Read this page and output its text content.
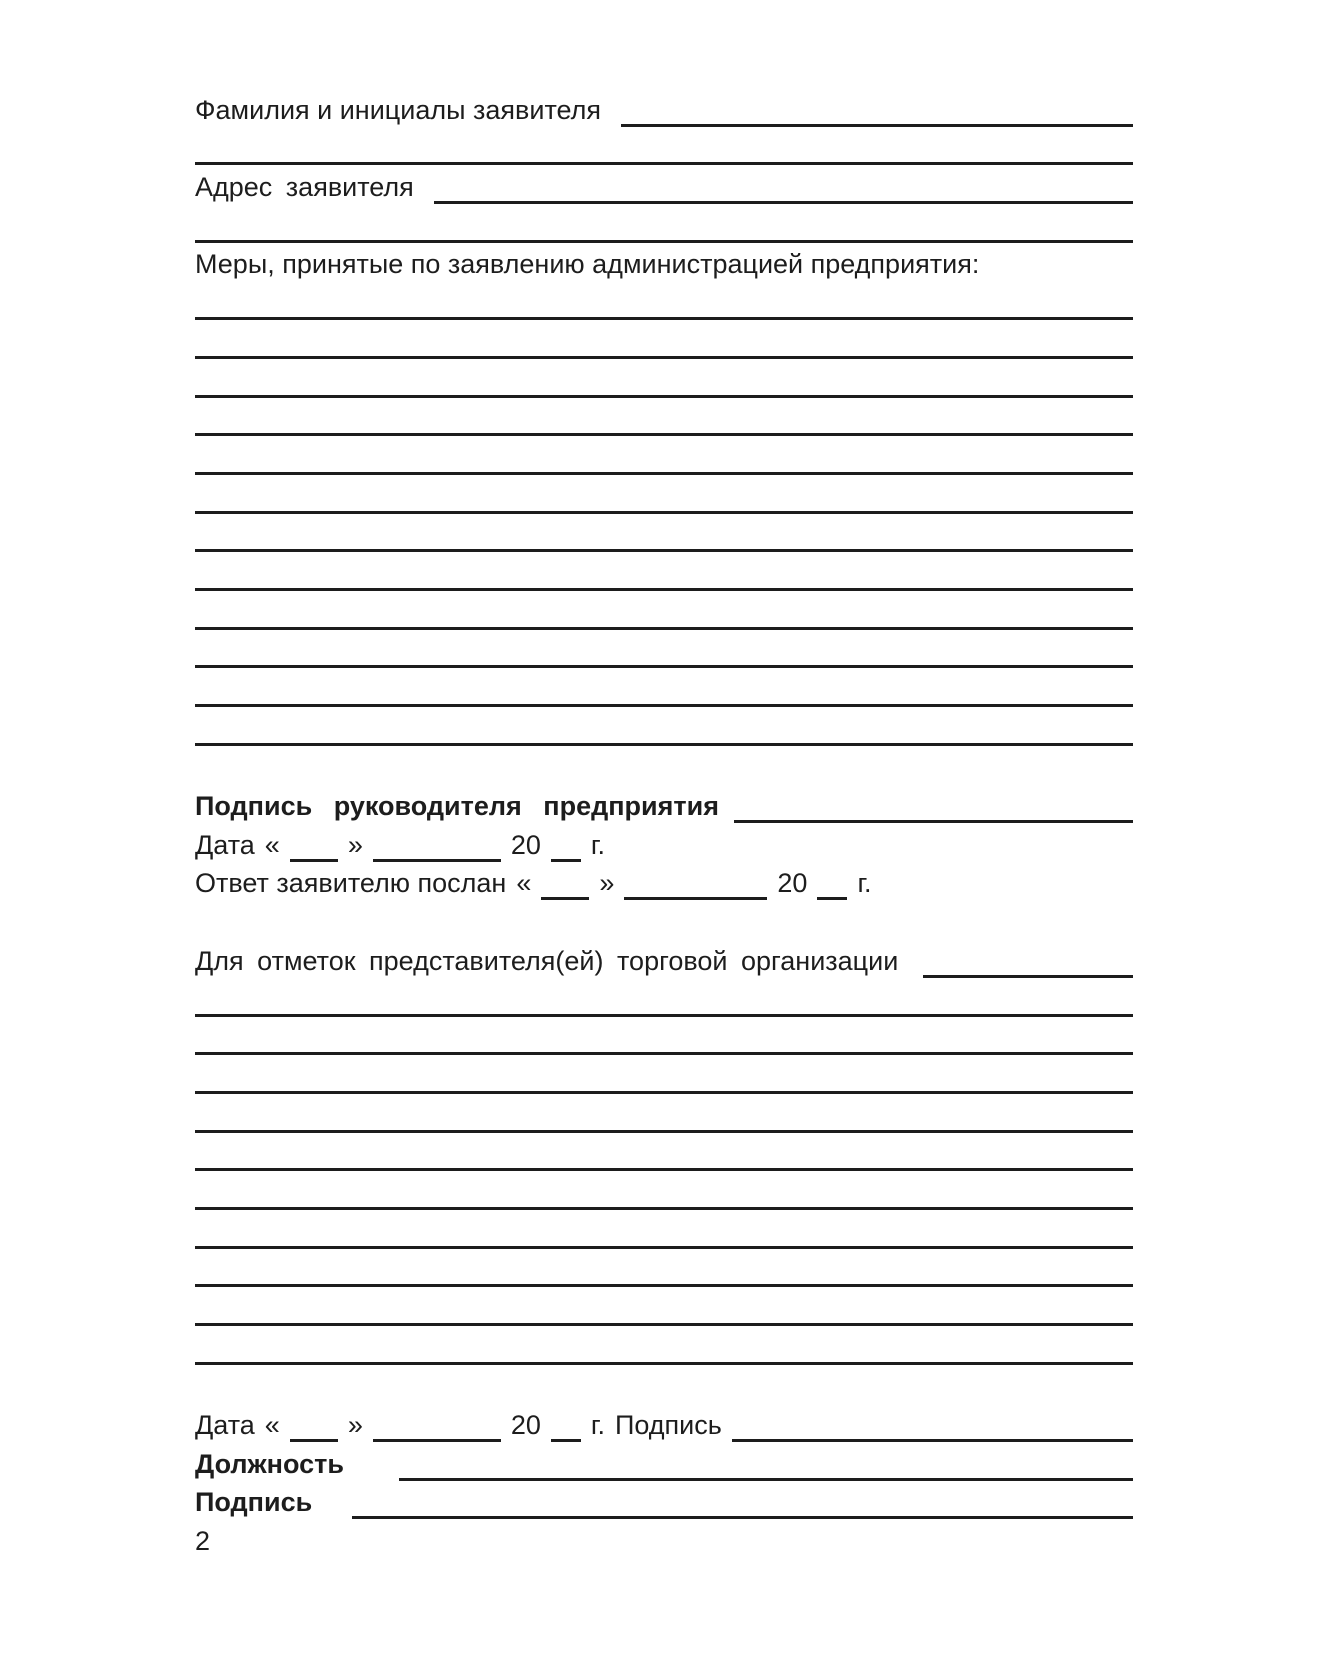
Фамилия и инициалы заявителя
Адрес заявителя
Меры, принятые по заявлению администрацией предприятия:
Подпись руководителя предприятия
Дата «	»	20 г.
Ответ заявителю послан «	»	20 г.
Для отметок представителя(ей) торговой организации
Дата «	»	20 г. Подпись
Должность
Подпись
2
